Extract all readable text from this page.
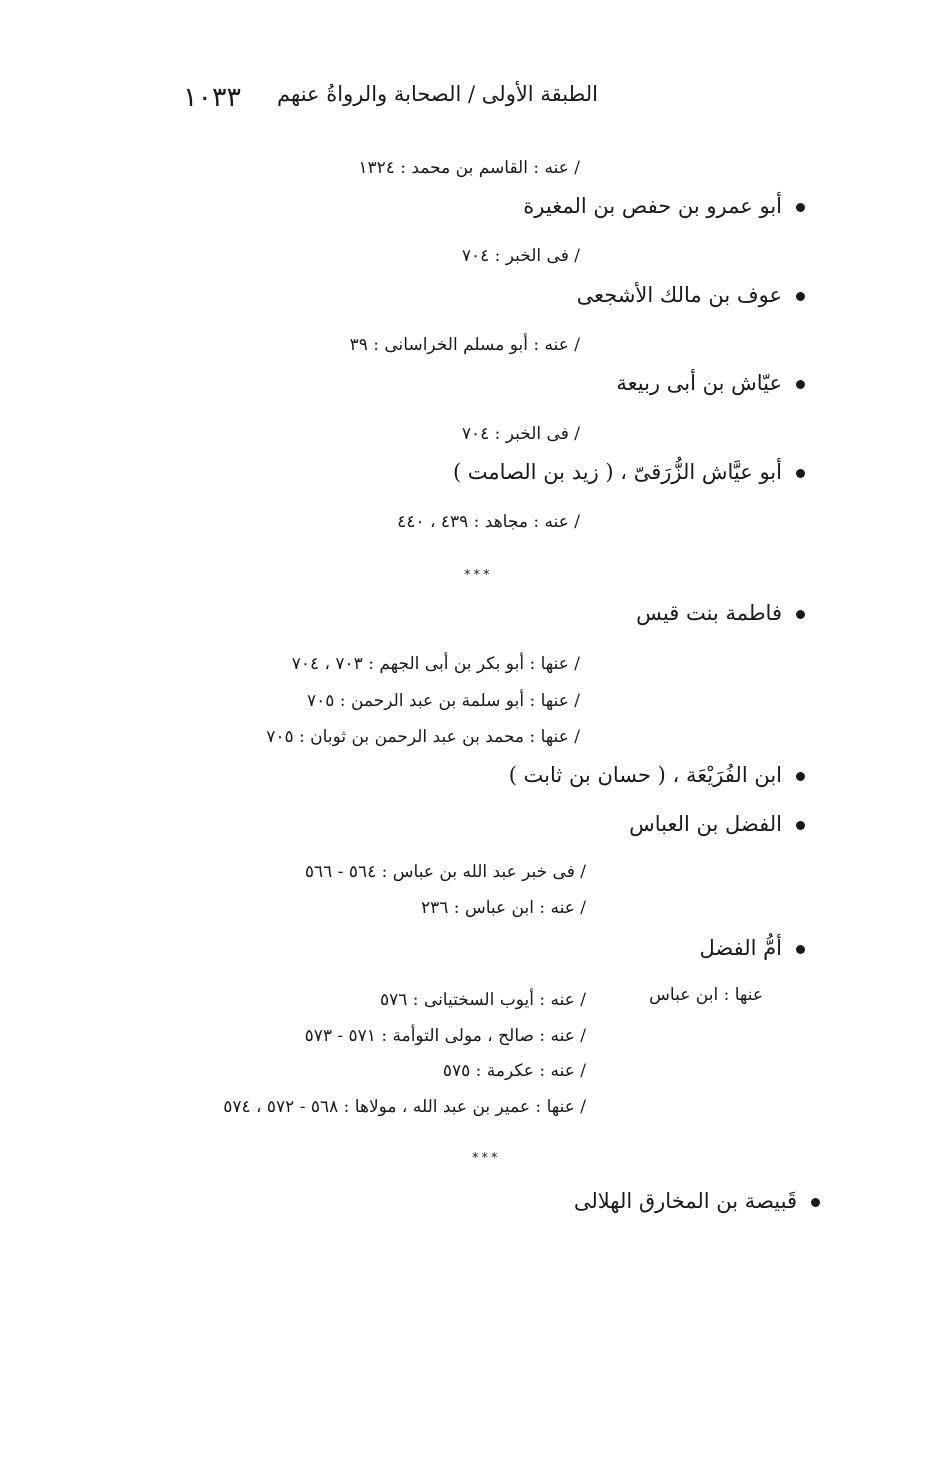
١٠٣٣ الطبقة الأولى / الصحابة والرواةُ عنهم
/ عنه : القاسم بن محمد : ١٣٢٤
أبو عمرو بن حفص بن المغيرة
/ فى الخبر : ٧٠٤
عوف بن مالك الأشجعى
/ عنه : أبو مسلم الخراسانى : ٣٩
عيّاش بن أبى ربيعة
/ فى الخبر : ٧٠٤
أبو عيَّاش الزُّرَقىّ ، ( زيد بن الصامت )
/ عنه : مجاهد : ٤٣٩ ، ٤٤٠
***
فاطمة بنت قيس
/ عنها : أبو بكر بن أبى الجهم : ٧٠٣ ، ٧٠٤
/ عنها : أبو سلمة بن عبد الرحمن : ٧٠٥
/ عنها : محمد بن عبد الرحمن بن ثوبان : ٧٠٥
ابن الفُرَيْعَة ، ( حسان بن ثابت )
الفضل بن العباس
/ فى خبر عبد الله بن عباس : ٥٦٤ - ٥٦٦
/ عنه : ابن عباس : ٢٣٦
أمُّ الفضل
عنها : ابن عباس
/ عنه : أيوب السختيانى : ٥٧٦
/ عنه : صالح ، مولى التوأمة : ٥٧١ - ٥٧٣
/ عنه : عكرمة : ٥٧٥
/ عنها : عمير بن عبد الله ، مولاها : ٥٦٨ - ٥٧٢ ، ٥٧٤
***
قَبيصة بن المخارق الهلالى
